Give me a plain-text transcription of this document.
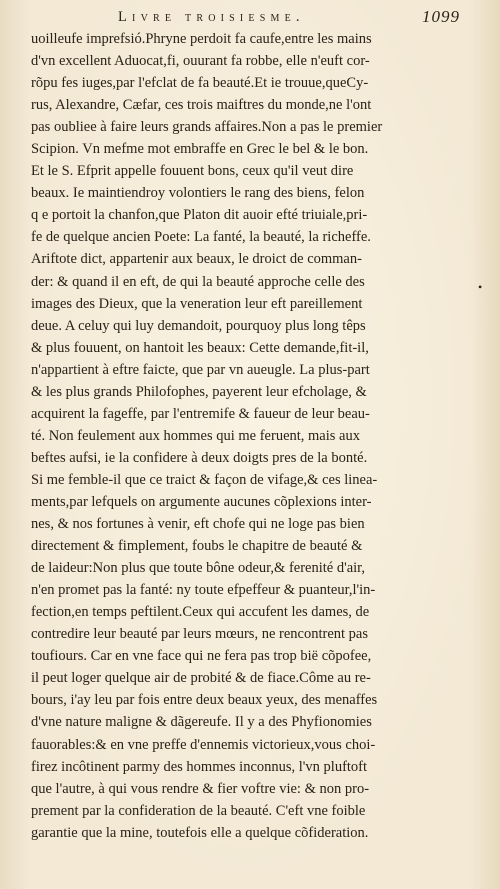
Livre troisiesme.	1099
uoilleufe imprefsió.Phryne perdoit fa caufe,entre les mains
d'vn excellent Aduocat,fi, ouurant fa robbe, elle n'euft cor-
rõpu fes iuges,par l'efclat de fa beauté.Et ie trouue,queCy-
rus, Alexandre, Cæfar, ces trois maiftres du monde,ne l'ont
pas oubliee à faire leurs grands affaires.Non a pas le premier
Scipion. Vn mefme mot embraffe en Grec le bel & le bon.
Et le S. Efprit appelle fouuent bons, ceux qu'il veut dire
beaux. Ie maintiendroy volontiers le rang des biens, felon
q e portoit la chanfon,que Platon dit auoir efté triuiale,pri-
fe de quelque ancien Poete: La fanté, la beauté, la richeffe.
Ariftote dict, appartenir aux beaux, le droict de comman-
der: & quand il en eft, de qui la beauté approche celle des
images des Dieux, que la veneration leur eft pareillement
deue. A celuy qui luy demandoit, pourquoy plus long têps
& plus fouuent, on hantoit les beaux: Cette demande,fit-il,
n'appartient à eftre faicte, que par vn aueugle. La plus-part
& les plus grands Philofophes, payerent leur efcholage, &
acquirent la fageffe, par l'entremife & faueur de leur beau-
té. Non feulement aux hommes qui me feruent, mais aux
beftes aufsi, ie la confidere à deux doigts pres de la bonté.
Si me femble-il que ce traict & façon de vifage,& ces linea-
ments,par lefquels on argumente aucunes cõplexions inter-
nes, & nos fortunes à venir, eft chofe qui ne loge pas bien
directement & fimplement, foubs le chapitre de beauté &
de laideur:Non plus que toute bône odeur,& ferenité d'air,
n'en promet pas la fanté: ny toute efpeffeur & puanteur,l'in-
fection,en temps peftilent.Ceux qui accufent les dames, de
contredire leur beauté par leurs mœurs, ne rencontrent pas
toufiours. Car en vne face qui ne fera pas trop bië cõpofee,
il peut loger quelque air de probité & de fiace.Côme au re-
bours, i'ay leu par fois entre deux beaux yeux, des menaffes
d'vne nature maligne & dãgereufe. Il y a des Phyfionomies
fauorables:& en vne preffe d'ennemis victorieux,vous choi-
firez incôtinent parmy des hommes inconnus, l'vn pluftoft
que l'autre, à qui vous rendre & fier voftre vie: & non pro-
prement par la confideration de la beauté. C'eft vne foible
garantie que la mine, toutefois elle a quelque cõfideration.
•
